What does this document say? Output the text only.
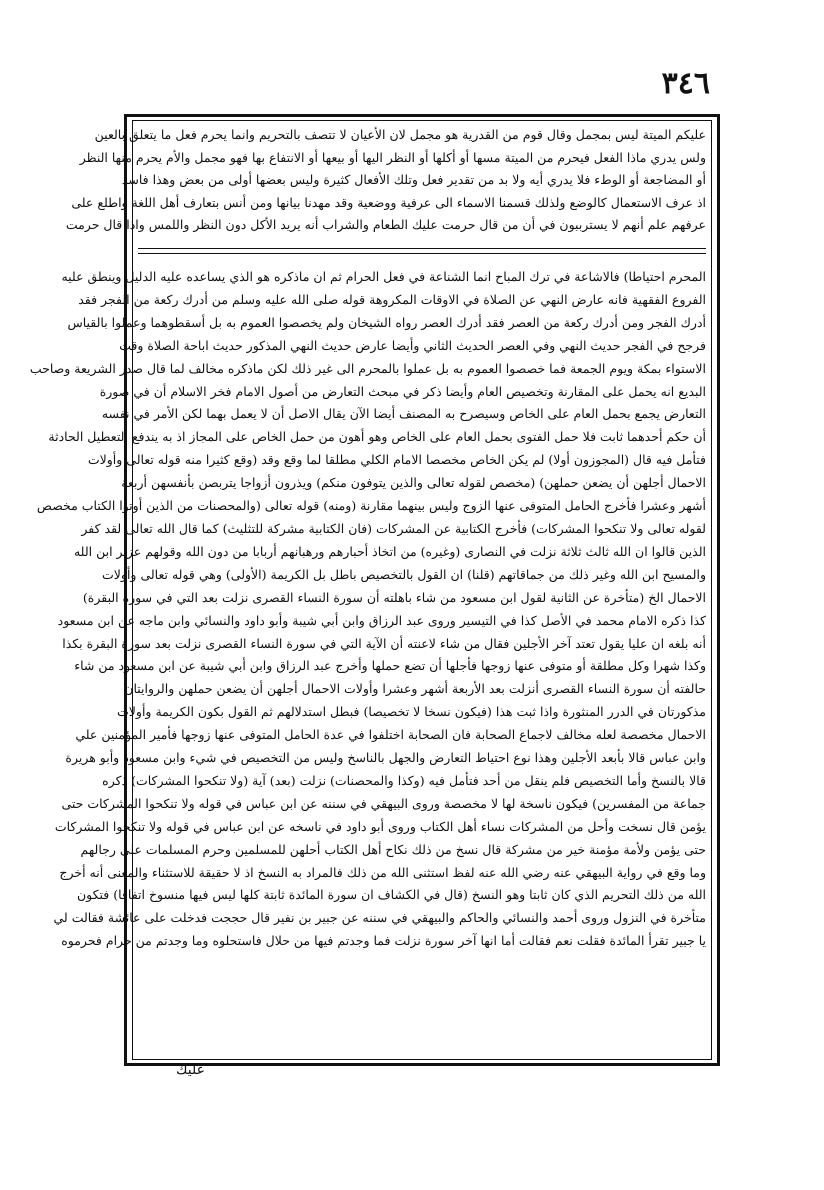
٣٤٦
عليكم الميتة ليس بمجمل وقال قوم من القدرية هو مجمل لان الأعيان لا تتصف بالتحريم وانما يحرم فعل ما يتعلق بالعين
ولس يدري ماذا الفعل فيحرم من الميتة مسها أو أكلها أو النظر اليها أو بيعها أو الانتفاع بها فهو مجمل والأم يحرم منها النظر
أو المضاجعة أو الوطء فلا يدري أيه ولا بد من تقدير فعل وتلك الأفعال كثيرة وليس بعضها أولى من بعض وهذا فاسد
اذ عرف الاستعمال كالوضع ولذلك قسمنا الاسماء الى عرفية ووضعية وقد مهدنا بيانها ومن أنس بتعارف أهل اللغة واطلع على
عرفهم علم أنهم لا يسترببون في أن من قال حرمت عليك الطعام والشراب أنه يريد الأكل دون النظر واللمس واذا قال حرمت
المحرم احتياطا) فالاشاعة في ترك المباح انما الشناعة في فعل الحرام ثم ان ماذكره هو الذي يساعده عليه الدليل وينطق عليه
الفروع الفقهية فانه عارض النهي عن الصلاة في الاوقات المكروهة قوله صلى الله عليه وسلم من أدرك ركعة من الفجر فقد
أدرك الفجر ومن أدرك ركعة من العصر فقد أدرك العصر رواه الشيخان ولم يخصصوا العموم به بل أسقطوهما وعملوا بالقياس
فرجح في الفجر حديث النهي وفي العصر الحديث الثاني وأيضا عارض حديث النهي المذكور حديث اباحة الصلاة وقت
الاستواء بمكة ويوم الجمعة فما خصصوا العموم به بل عملوا بالمحرم الى غير ذلك لكن ماذكره مخالف لما قال صدر الشريعة وصاحب
البديع انه يحمل على المقارنة وتخصيص العام وأيضا ذكر في مبحث التعارض من أصول الامام فخر الاسلام أن في صورة
التعارض يجمع بحمل العام على الخاص وسيصرح به المصنف أيضا الآن يقال الاصل أن لا يعمل بهما لكن الأمر في نفسه
أن حكم أحدهما ثابت فلا حمل الفتوى بحمل العام على الخاص وهو أهون من حمل الخاص على المجاز اذ به يندفع التعطيل الحادثة
فتأمل فيه قال (المجوزون أولا) لم يكن الخاص مخصصا الامام الكلي مطلقا لما وقع وقد (وقع كثيرا منه قوله تعالى وأولات
الاحمال أجلهن أن يضعن حملهن) (مخصص لقوله تعالى والذين يتوفون منكم) ويذرون أزواجا يتربصن بأنفسهن أربعة
أشهر وعشرا فأخرج الحامل المتوفى عنها الزوج وليس بينهما مقارنة (ومنه) قوله تعالى (والمحصنات من الذين أوتوا الكتاب مخصص
لقوله تعالى ولا تنكحوا المشركات) فأخرج الكتابية عن المشركات (فان الكتابية مشركة للتثليث) كما قال الله تعالى لقد كفر
الذين قالوا ان الله ثالث ثلاثة نزلت في النصارى (وغيره) من اتخاذ أحبارهم ورهبانهم أربابا من دون الله وقولهم عزير ابن الله
والمسيح ابن الله وغير ذلك من جماقاتهم (قلنا) ان القول بالتخصيص باطل بل الكريمة (الأولى) وهي قوله تعالى وأولات
الاحمال الخ (متأخرة عن الثانية لقول ابن مسعود من شاء باهلته أن سورة النساء القصرى نزلت بعد التي في سورة البقرة)
كذا ذكره الامام محمد في الأصل كذا في التيسير وروى عبد الرزاق وابن أبي شيبة وأبو داود والنسائي وابن ماجه عن ابن مسعود
أنه بلغه ان عليا يقول تعتد آخر الأجلين فقال من شاء لاعنته أن الآية التي في سورة النساء القصرى نزلت بعد سورة البقرة بكذا
وكذا شهرا وكل مطلقة أو متوفى عنها زوجها فأجلها أن تضع حملها وأخرج عبد الرزاق وابن أبي شيبة عن ابن مسعود من شاء
حالفته أن سورة النساء القصرى أنزلت بعد الأربعة أشهر وعشرا وأولات الاحمال أجلهن أن يضعن حملهن والروايتان
مذكورتان في الدرر المنثورة واذا ثبت هذا (فيكون نسخا لا تخصيصا) فبطل استدلالهم ثم القول بكون الكريمة وأولات
الاحمال مخصصة لعله مخالف لاجماع الصحابة فان الصحابة اختلفوا في عدة الحامل المتوفى عنها زوجها فأمير المؤمنين علي
وابن عباس قالا بأبعد الأجلين وهذا نوع احتياط التعارض والجهل بالناسخ وليس من التخصيص في شيء وابن مسعود وأبو هريرة
قالا بالنسخ وأما التخصيص فلم ينقل من أحد فتأمل فيه (وكذا والمحصنات) نزلت (بعد) آية (ولا تنكحوا المشركات) ذكره
جماعة من المفسرين) فيكون ناسخة لها لا مخصصة وروى البيهقي في سننه عن ابن عباس في قوله ولا تنكحوا المشركات حتى
يؤمن قال نسخت وأحل من المشركات نساء أهل الكتاب وروى أبو داود في ناسخه عن ابن عباس في قوله ولا تنكحوا المشركات
حتى يؤمن ولأمة مؤمنة خير من مشركة قال نسخ من ذلك نكاح أهل الكتاب أحلهن للمسلمين وحرم المسلمات على رجالهم
وما وقع في رواية البيهقي عنه رضي الله عنه لفظ استثنى الله من ذلك فالمراد به النسخ اذ لا حقيقة للاستثناء والمعنى أنه أخرج
الله من ذلك التحريم الذي كان ثابتا وهو النسخ (قال في الكشاف ان سورة المائدة ثابتة كلها ليس فيها منسوخ اتفاقا) فتكون
متأخرة في النزول وروى أحمد والنسائي والحاكم والبيهقي في سننه عن جبير بن نفير قال حججت فدخلت على عائشة فقالت لي
يا جبير تقرأ المائدة فقلت نعم فقالت أما انها آخر سورة نزلت فما وجدتم فيها من حلال فاستحلوه وما وجدتم من حرام فحرموه
عليك
